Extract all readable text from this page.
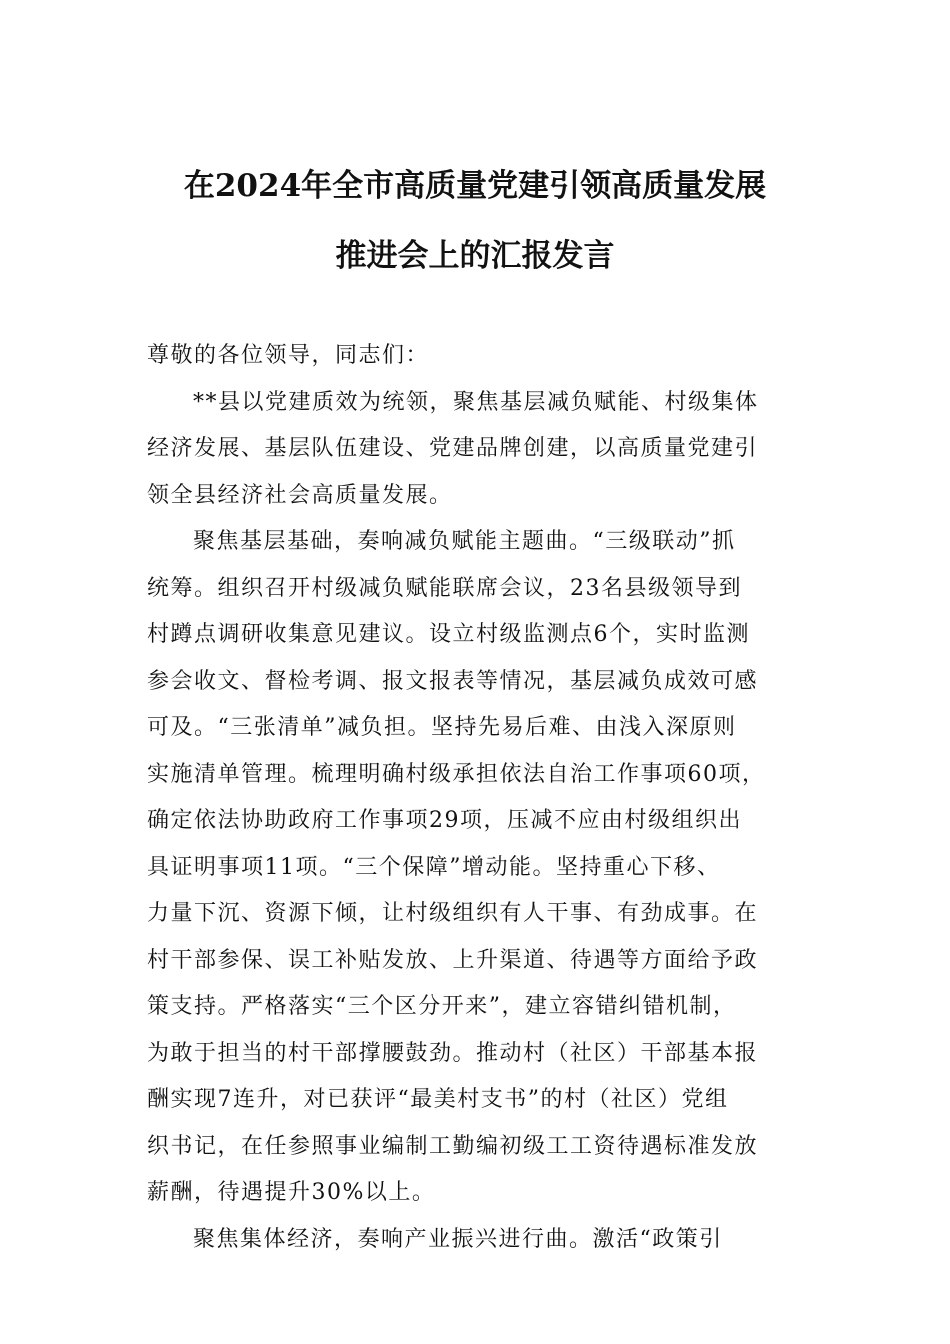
在2024年全市高质量党建引领高质量发展
推进会上的汇报发言

尊敬的各位领导，同志们：

**县以党建质效为统领，聚焦基层减负赋能、村级集体
经济发展、基层队伍建设、党建品牌创建，以高质量党建引
领全县经济社会高质量发展。

聚焦基层基础，奏响减负赋能主题曲。“三级联动”抓
统筹。组织召开村级减负赋能联席会议，23名县级领导到
村蹲点调研收集意见建议。设立村级监测点6个，实时监测
参会收文、督检考调、报文报表等情况，基层减负成效可感
可及。“三张清单”减负担。坚持先易后难、由浅入深原则
实施清单管理。梳理明确村级承担依法自治工作事项60项，
确定依法协助政府工作事项29项，压减不应由村级组织出
具证明事项11项。“三个保障”增动能。坚持重心下移、
力量下沉、资源下倾，让村级组织有人干事、有劲成事。在
村干部参保、误工补贴发放、上升渠道、待遇等方面给予政
策支持。严格落实“三个区分开来”，建立容错纠错机制，
为敢于担当的村干部撑腰鼓劲。推动村（社区）干部基本报
酬实现7连升，对已获评“最美村支书”的村（社区）党组
织书记，在任参照事业编制工勤编初级工工资待遇标准发放
薪酬，待遇提升30%以上。

聚焦集体经济，奏响产业振兴进行曲。激活“政策引
